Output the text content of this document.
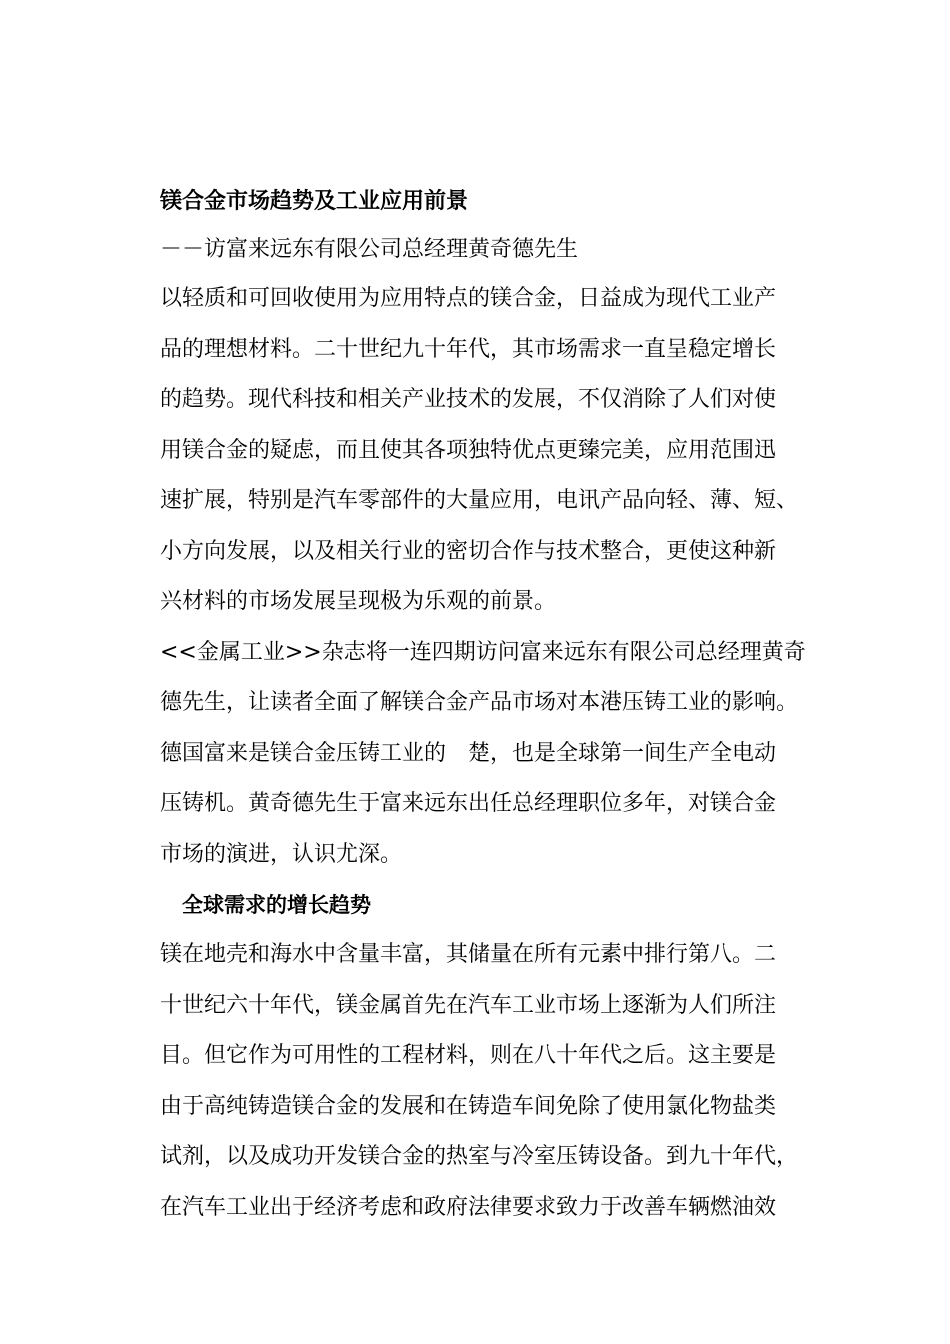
镁合金市场趋势及工业应用前景
－－访富来远东有限公司总经理黄奇德先生
以轻质和可回收使用为应用特点的镁合金，日益成为现代工业产
品的理想材料。二十世纪九十年代，其市场需求一直呈稳定增长
的趋势。现代科技和相关产业技术的发展，不仅消除了人们对使
用镁合金的疑虑，而且使其各项独特优点更臻完美，应用范围迅
速扩展，特别是汽车零部件的大量应用，电讯产品向轻、薄、短、
小方向发展，以及相关行业的密切合作与技术整合，更使这种新
兴材料的市场发展呈现极为乐观的前景。
<<金属工业>>杂志将一连四期访问富来远东有限公司总经理黄奇
德先生，让读者全面了解镁合金产品市场对本港压铸工业的影响。
德国富来是镁合金压铸工业的　楚，也是全球第一间生产全电动
压铸机。黄奇德先生于富来远东出任总经理职位多年，对镁合金
市场的演进，认识尤深。
全球需求的增长趋势
镁在地壳和海水中含量丰富，其储量在所有元素中排行第八。二
十世纪六十年代，镁金属首先在汽车工业市场上逐渐为人们所注
目。但它作为可用性的工程材料，则在八十年代之后。这主要是
由于高纯铸造镁合金的发展和在铸造车间免除了使用氯化物盐类
试剂，以及成功开发镁合金的热室与冷室压铸设备。到九十年代，
在汽车工业出于经济考虑和政府法律要求致力于改善车辆燃油效
